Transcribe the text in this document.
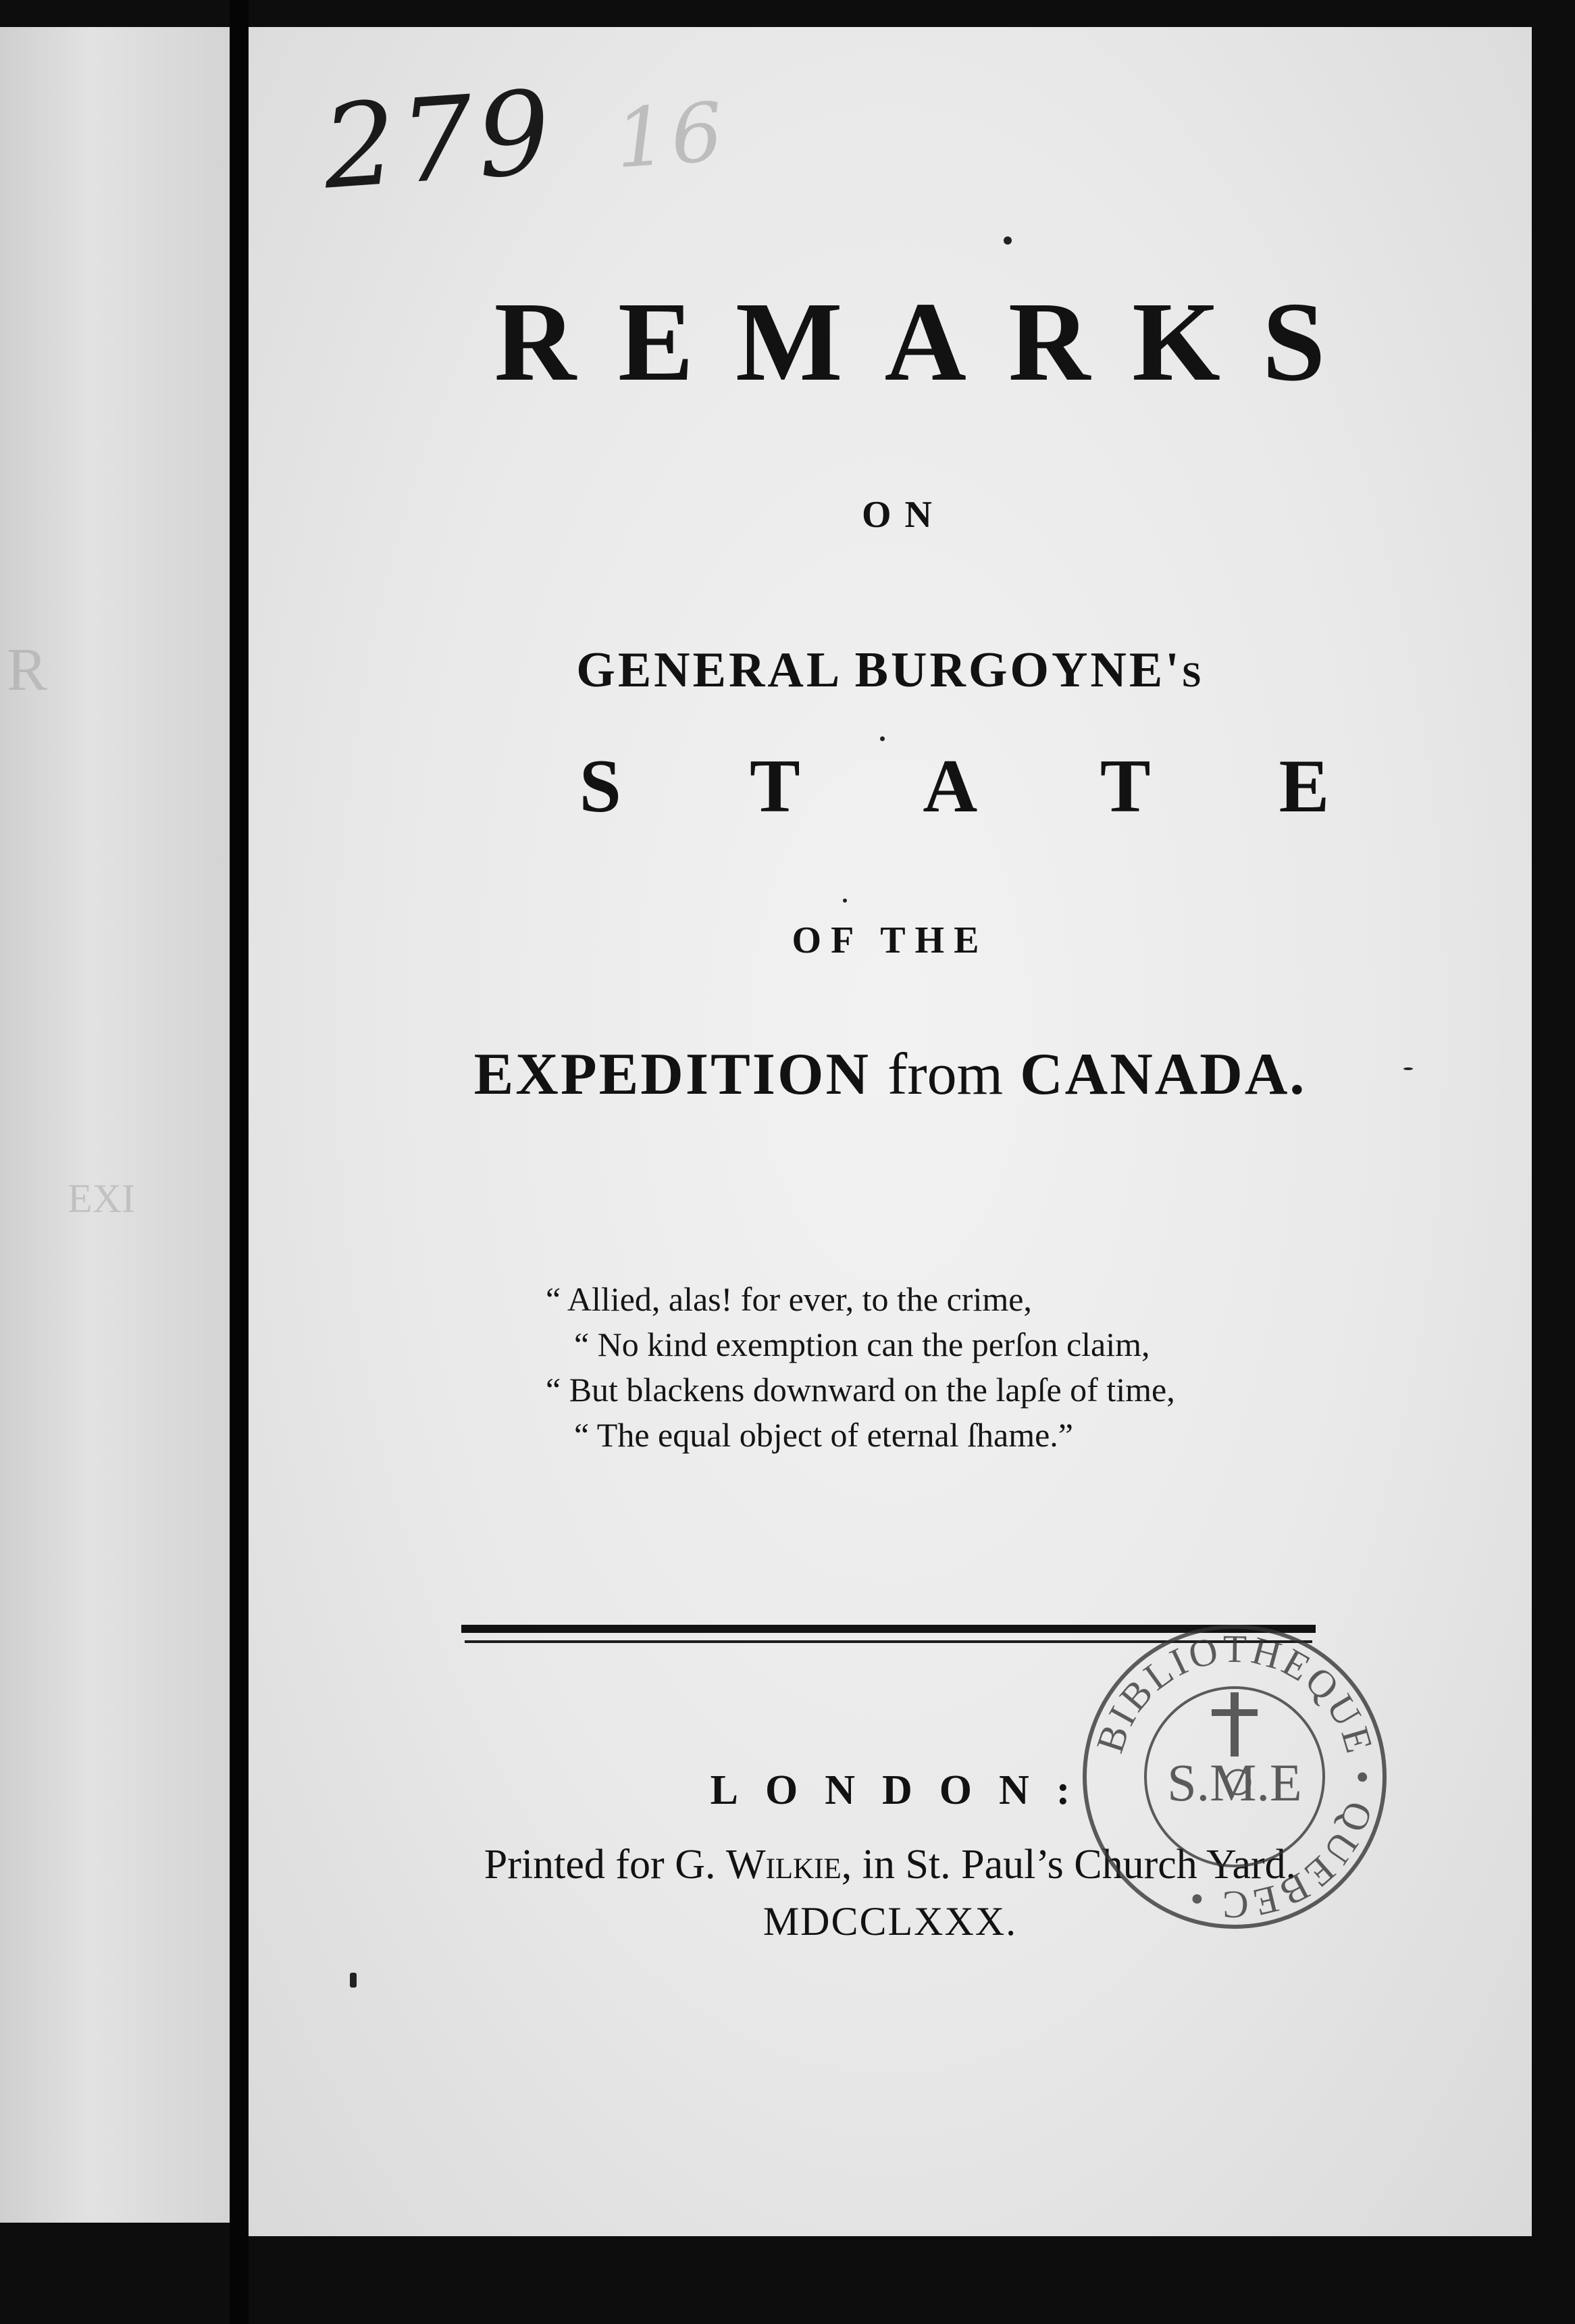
R
EXI
279 16
REMARKS
ON
GENERAL BURGOYNE's
STATE
OF THE
EXPEDITION from CANADA.
“ Allied, alas! for ever, to the crime,
“ No kind exemption can the perſon claim,
“ But blackens downward on the lapſe of time,
“ The equal object of eternal ſhame.”
LONDON:
Printed for G. Wilkie, in St. Paul’s Church Yard.
MDCCLXXX.
BIBLIOTHEQUE • QUEBEC •
S.M.E
